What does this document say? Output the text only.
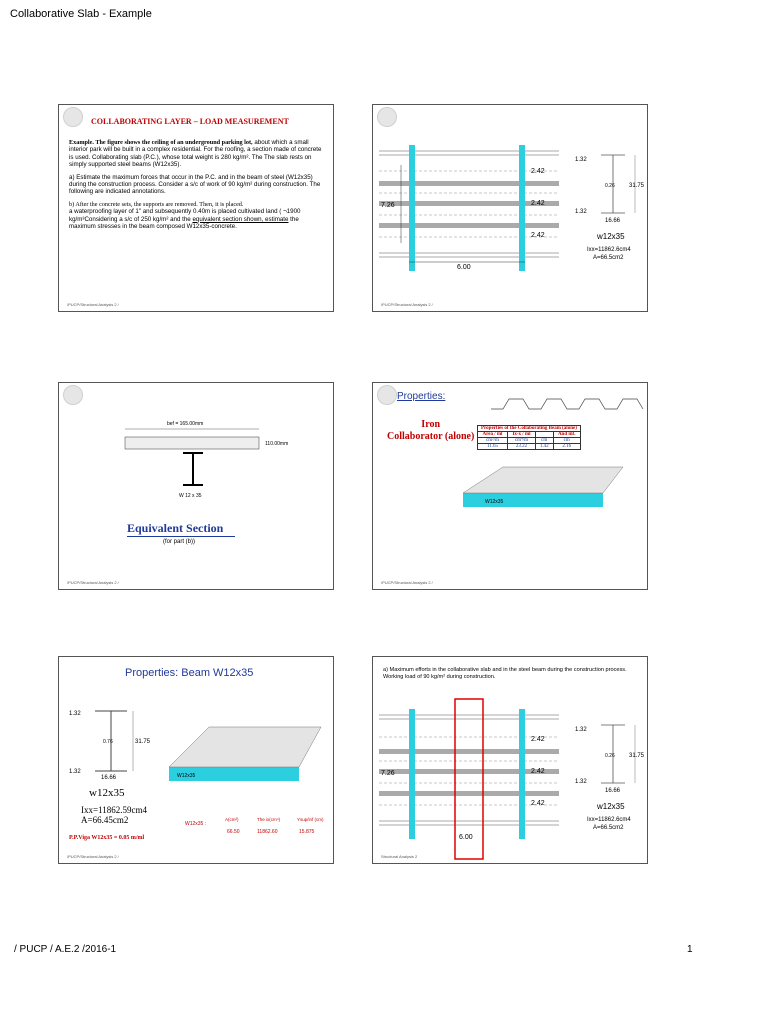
Collaborative Slab - Example
COLLABORATING LAYER – LOAD MEASUREMENT

Example. The figure shows the ceiling of an underground parking lot, about which a small interior park will be built in a complex residential. For the roofing, a section made of concrete is used. Collaborating slab (P.C.), whose total weight is 280 kg/m². The The slab rests on simply supported steel beams (W12x35).

a) Estimate the maximum forces that occur in the P.C. and in the beam of steel (W12x35) during the construction process. Consider a s/c of work of 90 kg/m² during construction. The following are indicated annotations.

b) After the concrete sets, the supports are removed. Then, it is placed.
a waterproofing layer of 1" and subsequently 0.40m is placed cultivated land ( ¬1900 kg/m³Considering a s/c of 250 kg/m² and the equivalent section shown, estimate the maximum stresses in the beam composed W12x35-concrete.

/PUCP/Structural Analysis 2 /
7.26
2.42
2.42
2.42
6.00
1.32
0.26 31.75
1.32
16.66
w12x35
Ixx=11862.6cm4
A=66.5cm2
/PUCP/Structural Analysis 2 /
bef = 165.00mm
110.00mm
W 12 x 35
Equivalent Section
(for part (b))
/PUCP/Structural Analysis 2 /
Properties:
W12x35
Iron
Collaborator (alone)
Properties of the Collaborating Beam (alone)			
Area / ml	Ix-x / ml		And inf.
cm²/m	cm⁴/m	cm	cm
11.65	23.22	1.42	2.16
/PUCP/Structural Analysis 2 /
Properties: Beam W12x35
1.32
0.76	31.75
1.32
16.66	W12x35
W12x35 :
A(cm²)	The ix(cm⁴)	Ysup/inf (cm)
66.50	11862.60	15.875
w12x35
Ixx=11862.59cm4
A=66.45cm2
P.P.Viga W12x35 = 0.05 m/ml
/PUCP/Structural Analysis 2 /
a) Maximum efforts in the collaborative slab and in the steel beam during the construction process. Working load of 90 kg/m² during construction.
7.26
2.42
2.42
2.42
6.00
1.32
0.26 31.75
1.32
16.66
w12x35
Ixx=11862.6cm4
A=66.5cm2
Structural Analysis 2
/ PUCP / A.E.2 /2016-1	1
